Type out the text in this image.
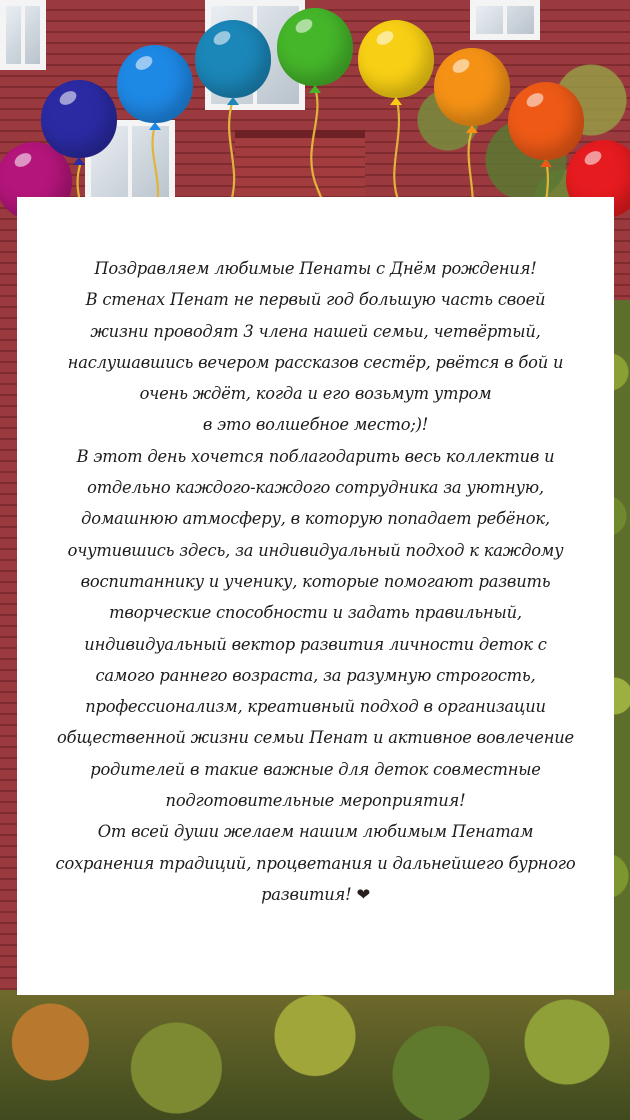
Поздравляем любимые Пенаты с Днём рождения!
В стенах Пенат не первый год большую часть своей
жизни проводят 3 члена нашей семьи, четвёртый,
наслушавшись вечером рассказов сестёр, рвётся в бой и
очень ждёт, когда и его возьмут утром
в это волшебное место;)!
В этот день хочется поблагодарить весь коллектив и
отдельно каждого-каждого сотрудника за уютную,
домашнюю атмосферу, в которую попадает ребёнок,
очутившись здесь, за индивидуальный подход к каждому
воспитаннику и ученику, которые помогают развить
творческие способности и задать правильный,
индивидуальный вектор развития личности деток с
самого раннего возраста, за разумную строгость,
профессионализм, креативный подход в организации
общественной жизни семьи Пенат и активное вовлечение
родителей в такие важные для деток совместные
подготовительные мероприятия!
От всей души желаем нашим любимым Пенатам
сохранения традиций, процветания и дальнейшего бурного
развития! ❤
